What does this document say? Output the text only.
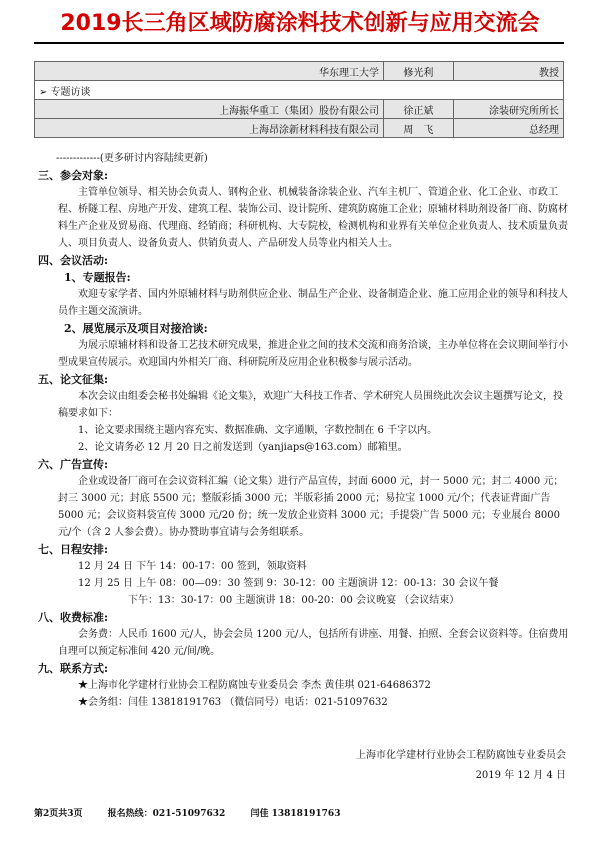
2019长三角区域防腐涂料技术创新与应用交流会
华东理工大学	修光利	教授
➢ 专题访谈		
上海振华重工（集团）股份有限公司	徐正斌	涂装研究所所长
上海昂涂新材料科技有限公司	周　飞	总经理

-------------(更多研讨内容陆续更新)

三、参会对象:

主管单位领导、相关协会负责人、钢构企业、机械装备涂装企业、汽车主机厂、管道企业、化工企业、市政工程、桥隧工程、房地产开发、建筑工程、装饰公司、设计院所、建筑防腐施工企业；原辅材料助剂设备厂商、防腐材料生产企业及贸易商、代理商、经销商；科研机构、大专院校，检测机构和业界有关单位企业负责人、技术质量负责人、项目负责人、设备负责人、供销负责人、产品研发人员等业内相关人士。

四、会议活动:

1、专题报告:

欢迎专家学者、国内外原辅材料与助剂供应企业、制品生产企业、设备制造企业、施工应用企业的领导和科技人员作主题交流演讲。

2、展览展示及项目对接洽谈:

为展示原辅材料和设备工艺技术研究成果，推进企业之间的技术交流和商务洽谈，主办单位将在会议期间举行小型成果宣传展示。欢迎国内外相关厂商、科研院所及应用企业积极参与展示活动。

五、论文征集:

本次会议由组委会秘书处编辑《论文集》，欢迎广大科技工作者、学术研究人员围绕此次会议主题撰写论文，投稿要求如下：

1、论文要求围绕主题内容充实、数据准确、文字通顺，字数控制在 6 千字以内。

2、论文请务必 12 月 20 日之前发送到（yanjiaps@163.com）邮箱里。

六、广告宣传:

企业或设备厂商可在会议资料汇编（论文集）进行产品宣传，封面 6000 元，封一 5000 元；封二 4000 元；封三 3000 元；封底 5500 元；整版彩插 3000 元；半版彩插 2000 元；易拉宝 1000 元/个；代表证背面广告 5000 元；会议资料袋宣传 3000 元/20 份；统一发放企业资料 3000 元；手提袋广告 5000 元；专业展台 8000 元/个（含 2 人参会费）。协办赞助事宜请与会务组联系。

七、日程安排:

12 月 24 日 下午 14：00-17：00 签到，领取资料

12 月 25 日 上午 08：00—09：30 签到 9：30-12：00 主题演讲 12：00-13：30 会议午餐

下午：13：30-17：00 主题演讲 18：00-20：00 会议晚宴 （会议结束）

八、收费标准:

会务费：人民币 1600 元/人，协会会员 1200 元/人，包括所有讲座、用餐、拍照、全套会议资料等。住宿费用自理可以预定标准间 420 元/间/晚。

九、联系方式:

★上海市化学建材行业协会工程防腐蚀专业委员会 李杰 黄佳琪 021-64686372

★会务组：闫佳 13818191763 （微信同号）电话：021-51097632

上海市化学建材行业协会工程防腐蚀专业委员会
2019 年 12 月 4 日
第2页共3页	报名热线：021-51097632	闫佳 13818191763
